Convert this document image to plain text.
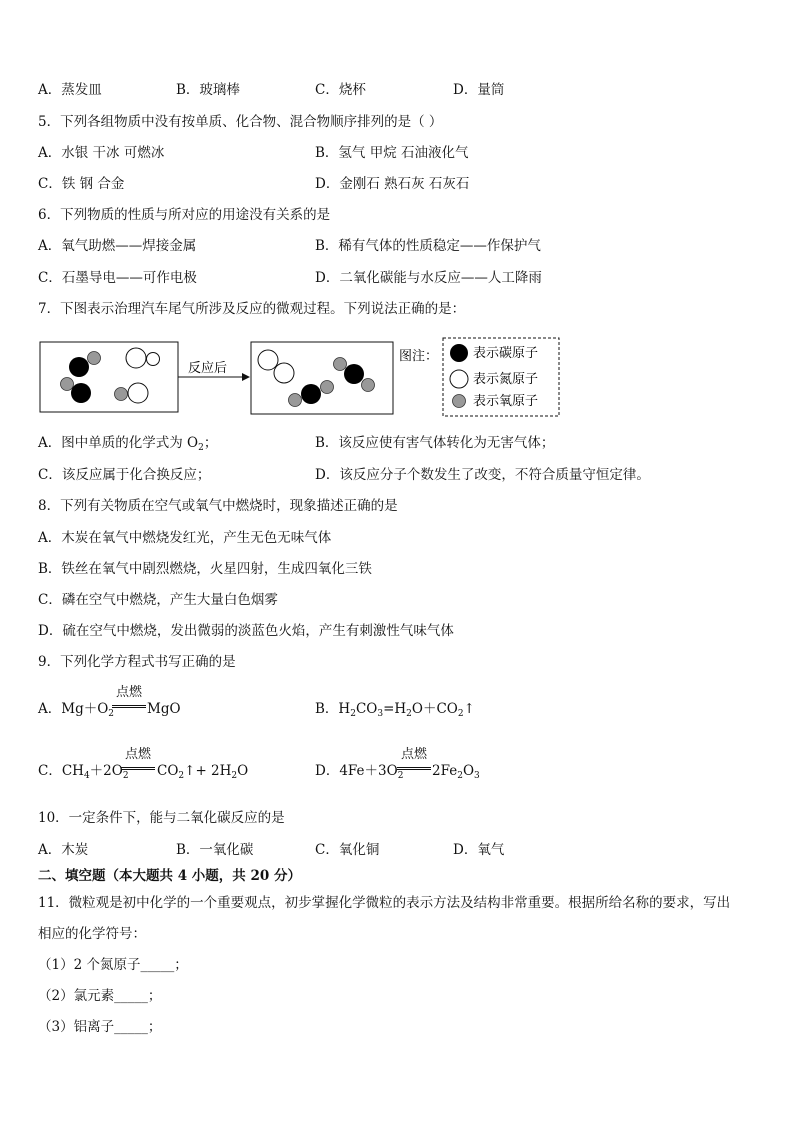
A．蒸发皿	B．玻璃棒	C．烧杯	D．量筒
5．下列各组物质中没有按单质、化合物、混合物顺序排列的是（ ）
A．水银 干冰 可燃冰	B．氢气 甲烷 石油液化气
C．铁 钢 合金	D．金刚石 熟石灰 石灰石
6．下列物质的性质与所对应的用途没有关系的是
A．氧气助燃——焊接金属	B．稀有气体的性质稳定——作保护气
C．石墨导电——可作电极	D．二氧化碳能与水反应——人工降雨
7．下图表示治理汽车尾气所涉及反应的微观过程。下列说法正确的是：
反应后
图注：	表示碳原子
表示氮原子
表示氧原子
A．图中单质的化学式为 $O_2$；	B．该反应使有害气体转化为无害气体；
C．该反应属于化合换反应；	D．该反应分子个数发生了改变，不符合质量守恒定律。
8．下列有关物质在空气或氧气中燃烧时，现象描述正确的是
A．木炭在氧气中燃烧发红光，产生无色无味气体
B．铁丝在氧气中剧烈燃烧，火星四射，生成四氧化三铁
C．磷在空气中燃烧，产生大量白色烟雾
D．硫在空气中燃烧，发出微弱的淡蓝色火焰，产生有刺激性气味气体
9．下列化学方程式书写正确的是
A．$Mg+O_2$
点燃
MgO	B．$H_2CO_3=H_2O+CO_2↑$
C．$CH_4+2O_2$
点燃
$CO_2↑+ 2H_2O$	D．$4Fe+3O_2$
点燃
$2Fe_2O_3$
10．一定条件下，能与二氧化碳反应的是
A．木炭	B．一氧化碳	C．氧化铜	D．氧气
二、填空题（本大题共 4 小题，共 20 分）
11．微粒观是初中化学的一个重要观点，初步掌握化学微粒的表示方法及结构非常重要。根据所给名称的要求，写出
相应的化学符号：
（1）2 个氮原子_____；
（2）氯元素_____；
（3）铝离子_____；
